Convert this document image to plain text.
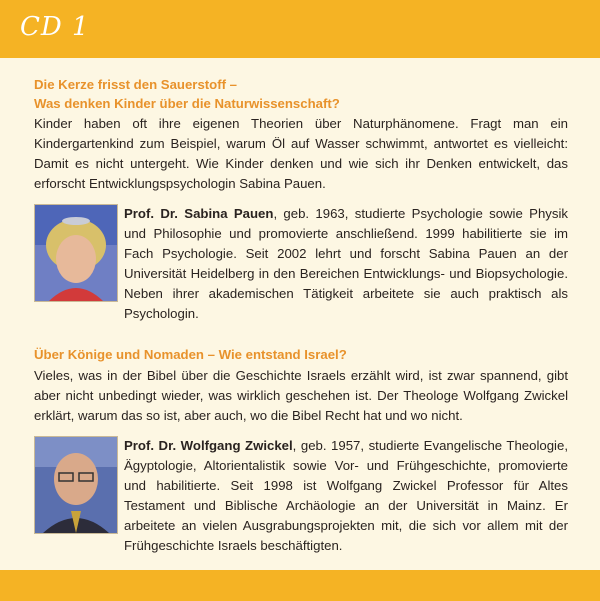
CD 1
Die Kerze frisst den Sauerstoff –
Was denken Kinder über die Naturwissenschaft?

Kinder haben oft ihre eigenen Theorien über Naturphänomene. Fragt man ein Kindergartenkind zum Beispiel, warum Öl auf Wasser schwimmt, antwortet es vielleicht: Damit es nicht untergeht. Wie Kinder denken und wie sich ihr Denken entwickelt, das erforscht Entwicklungspsychologin Sabina Pauen.

Prof. Dr. Sabina Pauen, geb. 1963, studierte Psychologie sowie Physik und Philosophie und promovierte anschließend. 1999 habilitierte sie im Fach Psychologie. Seit 2002 lehrt und forscht Sabina Pauen an der Universität Heidelberg in den Bereichen Entwicklungs- und Biopsychologie. Neben ihrer akademischen Tätigkeit arbeitete sie auch praktisch als Psychologin.

Über Könige und Nomaden – Wie entstand Israel?

Vieles, was in der Bibel über die Geschichte Israels erzählt wird, ist zwar spannend, gibt aber nicht unbedingt wieder, was wirklich geschehen ist. Der Theologe Wolfgang Zwickel erklärt, warum das so ist, aber auch, wo die Bibel Recht hat und wo nicht.

Prof. Dr. Wolfgang Zwickel, geb. 1957, studierte Evangelische Theologie, Ägyptologie, Altorientalistik sowie Vor- und Frühgeschichte, promovierte und habilitierte. Seit 1998 ist Wolfgang Zwickel Professor für Altes Testament und Biblische Archäologie an der Universität in Mainz. Er arbeitete an vielen Ausgrabungsprojekten mit, die sich vor allem mit der Frühgeschichte Israels beschäftigten.
